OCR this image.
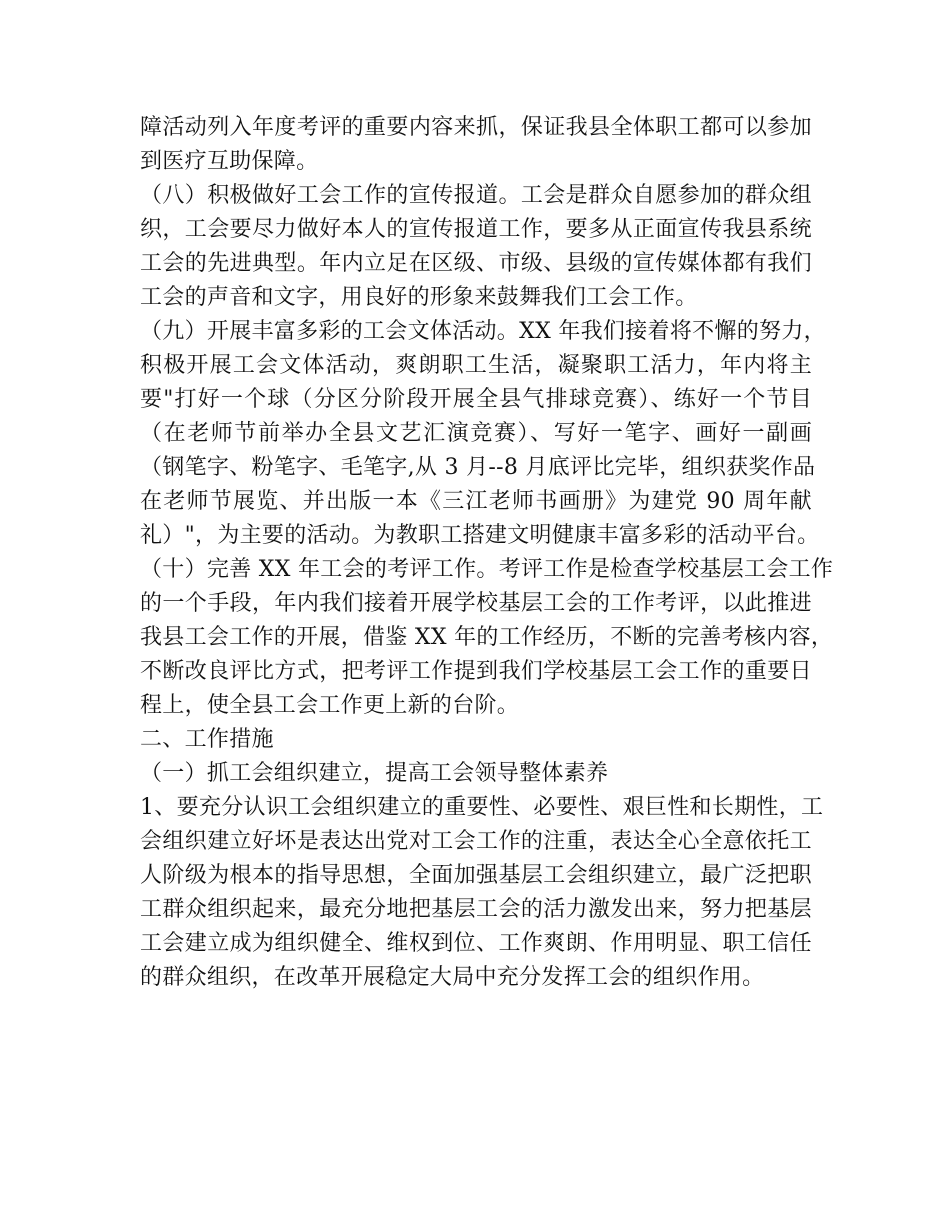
障活动列入年度考评的重要内容来抓，保证我县全体职工都可以参加
到医疗互助保障。
（八）积极做好工会工作的宣传报道。工会是群众自愿参加的群众组
织，工会要尽力做好本人的宣传报道工作，要多从正面宣传我县系统
工会的先进典型。年内立足在区级、市级、县级的宣传媒体都有我们
工会的声音和文字，用良好的形象来鼓舞我们工会工作。
（九）开展丰富多彩的工会文体活动。XX 年我们接着将不懈的努力，
积极开展工会文体活动，爽朗职工生活，凝聚职工活力，年内将主
要"打好一个球（分区分阶段开展全县气排球竞赛）、练好一个节目
（在老师节前举办全县文艺汇演竞赛）、写好一笔字、画好一副画
（钢笔字、粉笔字、毛笔字,从 3 月--8 月底评比完毕，组织获奖作品
在老师节展览、并出版一本《三江老师书画册》为建党 90 周年献
礼）"，为主要的活动。为教职工搭建文明健康丰富多彩的活动平台。
（十）完善 XX 年工会的考评工作。考评工作是检查学校基层工会工作
的一个手段，年内我们接着开展学校基层工会的工作考评，以此推进
我县工会工作的开展，借鉴 XX 年的工作经历，不断的完善考核内容，
不断改良评比方式，把考评工作提到我们学校基层工会工作的重要日
程上，使全县工会工作更上新的台阶。
二、工作措施
（一）抓工会组织建立，提高工会领导整体素养
1、要充分认识工会组织建立的重要性、必要性、艰巨性和长期性，工
会组织建立好坏是表达出党对工会工作的注重，表达全心全意依托工
人阶级为根本的指导思想，全面加强基层工会组织建立，最广泛把职
工群众组织起来，最充分地把基层工会的活力激发出来，努力把基层
工会建立成为组织健全、维权到位、工作爽朗、作用明显、职工信任
的群众组织，在改革开展稳定大局中充分发挥工会的组织作用。
